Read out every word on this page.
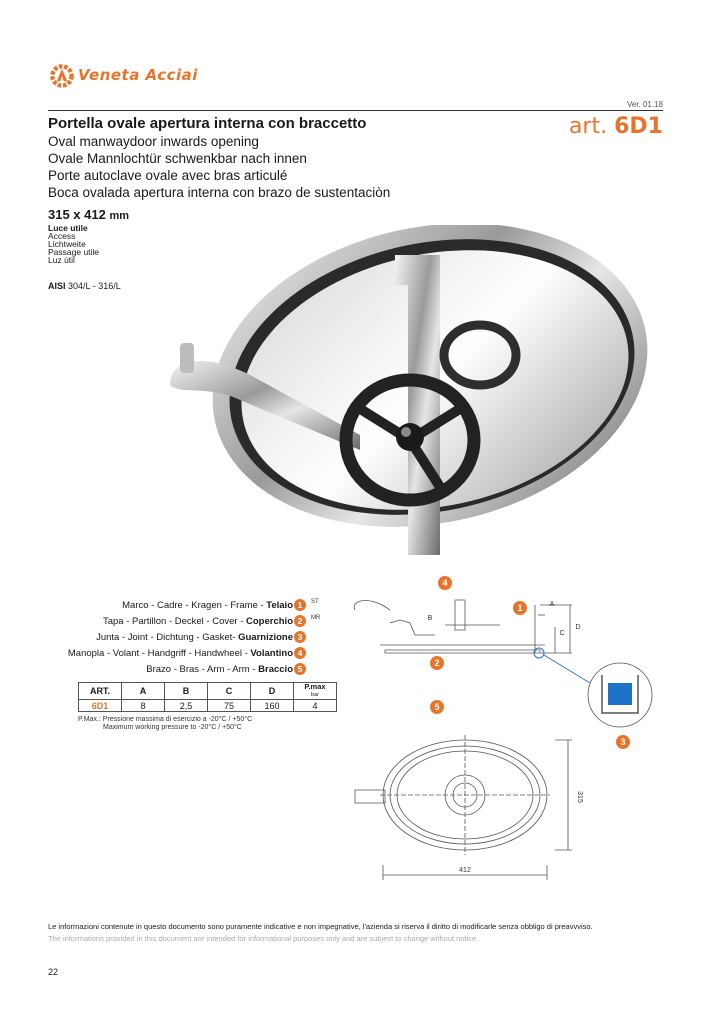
Veneta Acciai
Ver. 01.18
Portella ovale apertura interna con braccetto	art. 6D1
Oval manwaydoor inwards opening
Ovale Mannlochtür schwenkbar nach innen
Porte autoclave ovale avec bras articulé
Boca ovalada apertura interna con brazo de sustentaciòn
315 x 412 mm
Luce utile
Access
Lichtweite
Passage utile
Luz ùtil
AISI 304/L - 316/L
Marco - Cadre - Kragen - Frame - Telaio
Tapa - Partillon - Deckel - Cover - Coperchio
Junta - Joint - Dichtung - Gasket- Guarnizione
Manopla - Volant - Handgriff - Handwheel - Volantino
Brazo - Bras - Arm - Arm - Braccio
1
2
3
4
5
ST
MR
ART.	A	B	C	D	P.max
bar
6D1	8	2,5	75	160	4
P.Max.: Pressione massima di esercizio a -20°C / +50°C
Maximum working pressure to -20°C / +50°C
4
1
2
3
5
A
B
C
D
412
315
Le informazioni contenute in questo documento sono puramente indicative e non impegnative, l'azienda si riserva il diritto di modificarle senza obbligo di preavvviso.
The informations provided in this document are intended for informational purposes only and are subject to change without notice.
22
